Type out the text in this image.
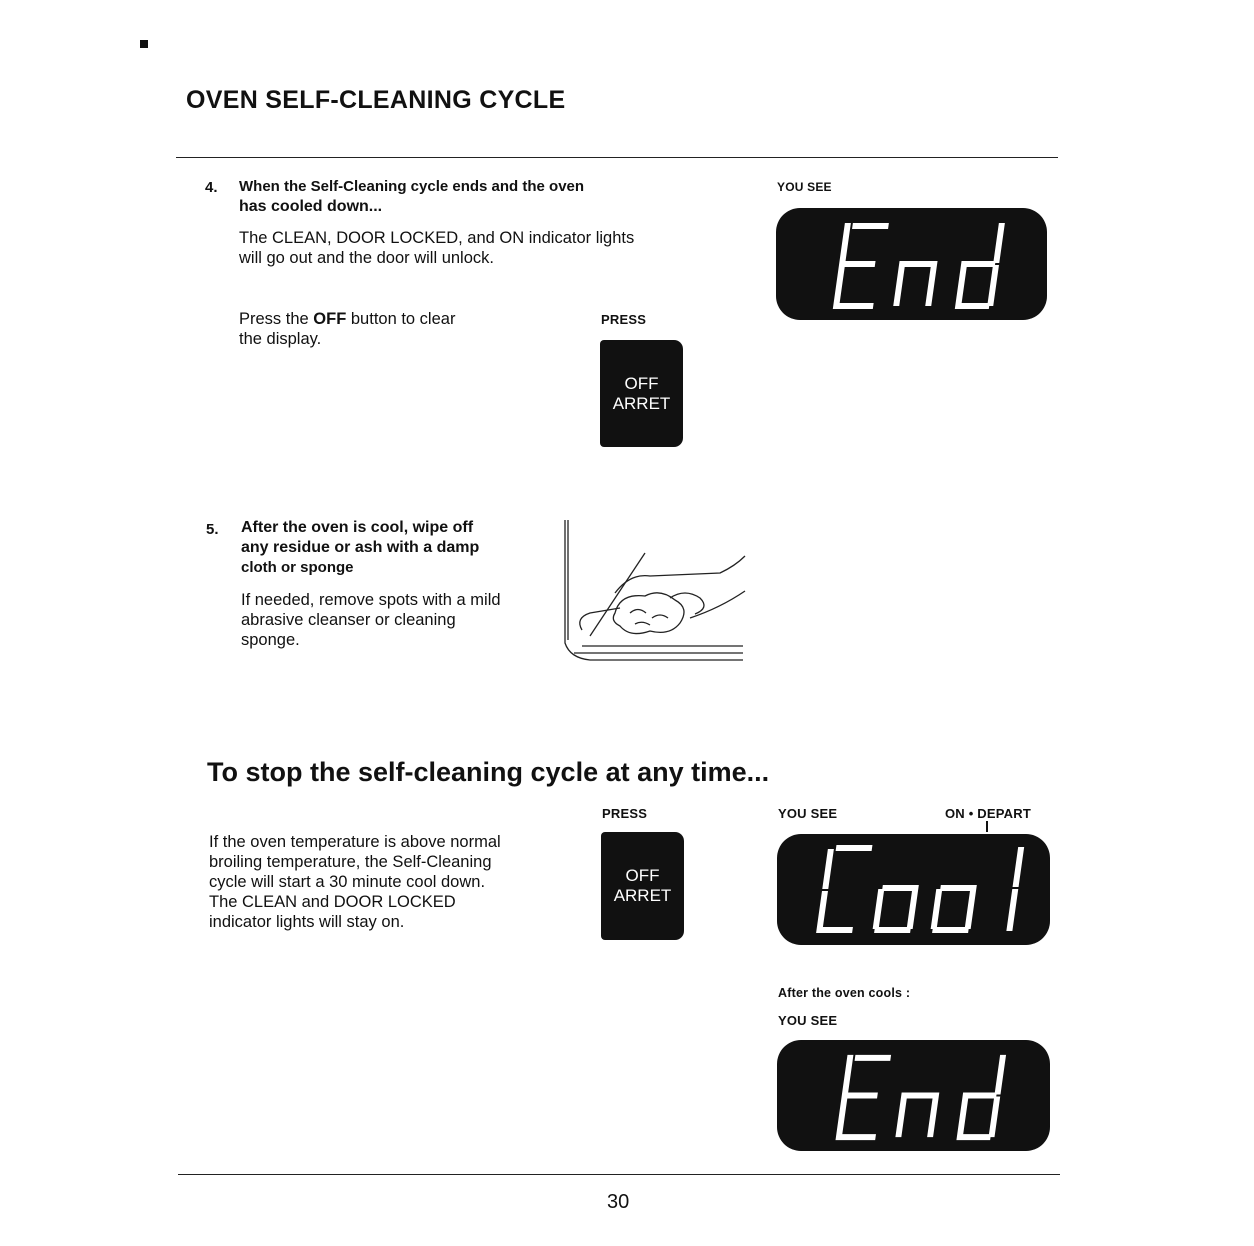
OVEN SELF-CLEANING CYCLE
4. When the Self-Cleaning cycle ends and the oven
has cooled down...
The CLEAN, DOOR LOCKED, and ON indicator lights
will go out and the door will unlock.
Press the OFF button to clear
the display.
PRESS
OFF
ARRET
YOU SEE
5. After the oven is cool, wipe off
any residue or ash with a damp
cloth or sponge
If needed, remove spots with a mild
abrasive cleanser or cleaning
sponge.
To stop the self-cleaning cycle at any time...
If the oven temperature is above normal
broiling temperature, the Self-Cleaning
cycle will start a 30 minute cool down.
The CLEAN and DOOR LOCKED
indicator lights will stay on.
PRESS
OFF
ARRET
YOU SEE	ON • DEPART
After the oven cools :
YOU SEE
30
